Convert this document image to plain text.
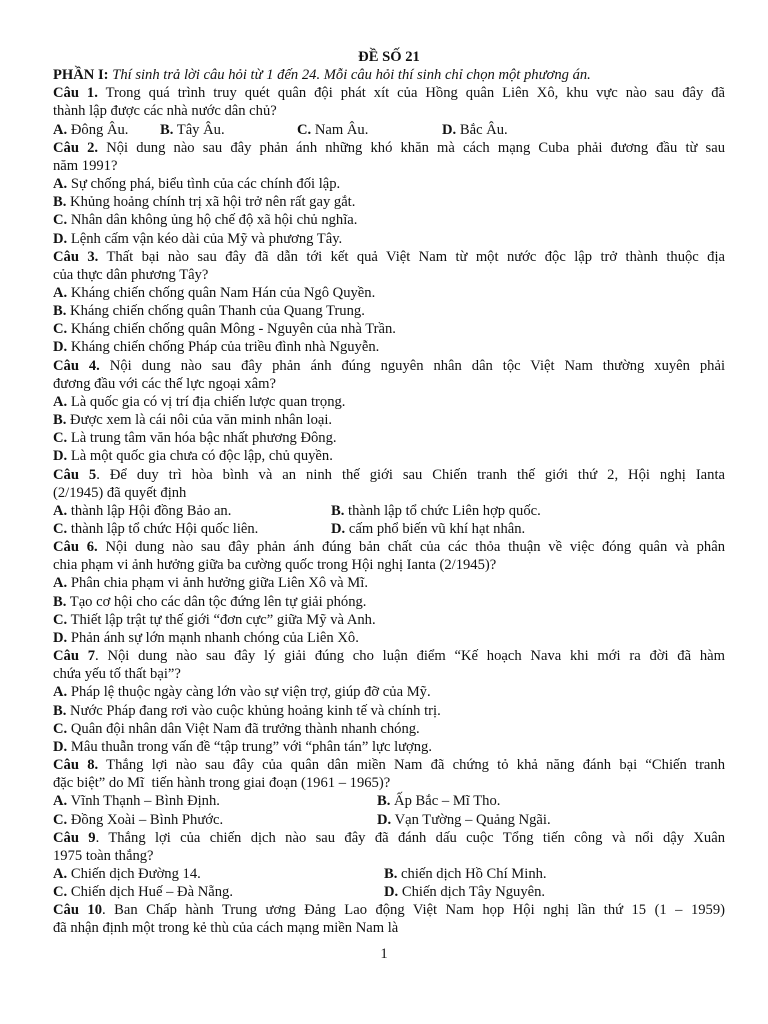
ĐỀ SỐ 21
PHẦN I: Thí sinh trả lời câu hỏi từ 1 đến 24. Mỗi câu hỏi thí sinh chỉ chọn một phương án.
Câu 1. Trong quá trình truy quét quân đội phát xít của Hồng quân Liên Xô, khu vực nào sau đây đã
thành lập được các nhà nước dân chủ?
A. Đông Âu. B. Tây Âu.	C. Nam Âu.	D. Bắc Âu.
Câu 2. Nội dung nào sau đây phản ánh những khó khăn mà cách mạng Cuba phải đương đầu từ sau
năm 1991?
A. Sự chống phá, biểu tình của các chính đối lập.
B. Khủng hoảng chính trị xã hội trở nên rất gay gắt.
C. Nhân dân không ủng hộ chế độ xã hội chủ nghĩa.
D. Lệnh cấm vận kéo dài của Mỹ và phương Tây.
Câu 3. Thất bại nào sau đây đã dẫn tới kết quả Việt Nam từ một nước độc lập trở thành thuộc địa
của thực dân phương Tây?
A. Kháng chiến chống quân Nam Hán của Ngô Quyền.
B. Kháng chiến chống quân Thanh của Quang Trung.
C. Kháng chiến chống quân Mông - Nguyên của nhà Trần.
D. Kháng chiến chống Pháp của triều đình nhà Nguyễn.
Câu 4. Nội dung nào sau đây phản ánh đúng nguyên nhân dân tộc Việt Nam thường xuyên phải
đương đầu với các thế lực ngoại xâm?
A. Là quốc gia có vị trí địa chiến lược quan trọng.
B. Được xem là cái nôi của văn minh nhân loại.
C. Là trung tâm văn hóa bậc nhất phương Đông.
D. Là một quốc gia chưa có độc lập, chủ quyền.
Câu 5. Để duy trì hòa bình và an ninh thế giới sau Chiến tranh thế giới thứ 2, Hội nghị Ianta
(2/1945) đã quyết định
A. thành lập Hội đồng Bảo an.	B. thành lập tổ chức Liên hợp quốc.
C. thành lập tổ chức Hội quốc liên.	D. cấm phổ biến vũ khí hạt nhân.
Câu 6. Nội dung nào sau đây phản ánh đúng bản chất của các thỏa thuận về việc đóng quân và phân
chia phạm vi ảnh hưởng giữa ba cường quốc trong Hội nghị Ianta (2/1945)?
A. Phân chia phạm vi ảnh hưởng giữa Liên Xô và Mĩ.
B. Tạo cơ hội cho các dân tộc đứng lên tự giải phóng.
C. Thiết lập trật tự thế giới “đơn cực” giữa Mỹ và Anh.
D. Phản ánh sự lớn mạnh nhanh chóng của Liên Xô.
Câu 7. Nội dung nào sau đây lý giải đúng cho luận điểm “Kế hoạch Nava khi mới ra đời đã hàm
chứa yếu tố thất bại”?
A. Pháp lệ thuộc ngày càng lớn vào sự viện trợ, giúp đỡ của Mỹ.
B. Nước Pháp đang rơi vào cuộc khủng hoảng kinh tế và chính trị.
C. Quân đội nhân dân Việt Nam đã trưởng thành nhanh chóng.
D. Mâu thuẫn trong vấn đề “tập trung” với “phân tán” lực lượng.
Câu 8. Thắng lợi nào sau đây của quân dân miền Nam đã chứng tỏ khả năng đánh bại “Chiến tranh
đặc biệt” do Mĩ  tiến hành trong giai đoạn (1961 – 1965)?
A. Vĩnh Thạnh – Bình Định.	B. Ấp Bắc – Mĩ Tho.
C. Đồng Xoài – Bình Phước.	D. Vạn Tường – Quảng Ngãi.
Câu 9. Thắng lợi của chiến dịch nào sau đây đã đánh dấu cuộc Tổng tiến công và nổi dậy Xuân
1975 toàn thắng?
A. Chiến dịch Đường 14.	B. chiến dịch Hồ Chí Minh.
C. Chiến dịch Huế – Đà Nẵng.	D. Chiến dịch Tây Nguyên.
Câu 10. Ban Chấp hành Trung ương Đảng Lao động Việt Nam họp Hội nghị lần thứ 15 (1 – 1959)
đã nhận định một trong kẻ thù của cách mạng miền Nam là
1
